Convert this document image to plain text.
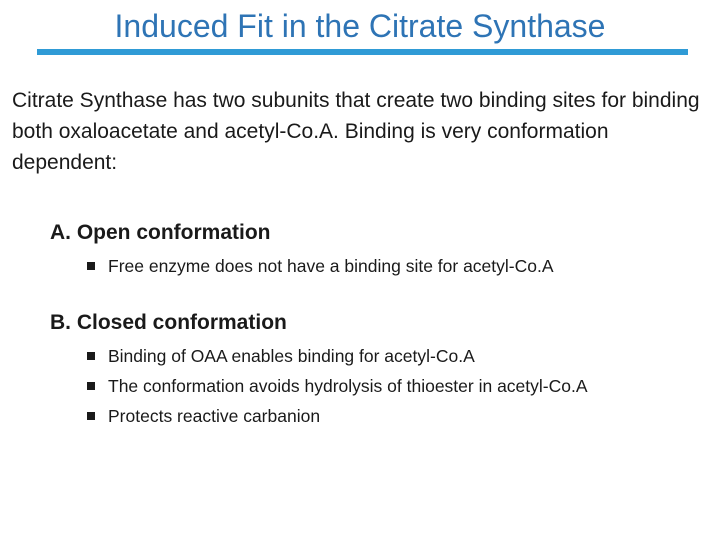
Induced Fit in the Citrate Synthase
Citrate Synthase has two subunits that create two binding sites for binding both oxaloacetate and acetyl-Co.A. Binding is very conformation dependent:
A. Open conformation
Free enzyme does not have a binding site for acetyl-Co.A
B. Closed conformation
Binding of OAA enables binding for acetyl-Co.A
The conformation avoids hydrolysis of thioester in acetyl-Co.A
Protects reactive carbanion
